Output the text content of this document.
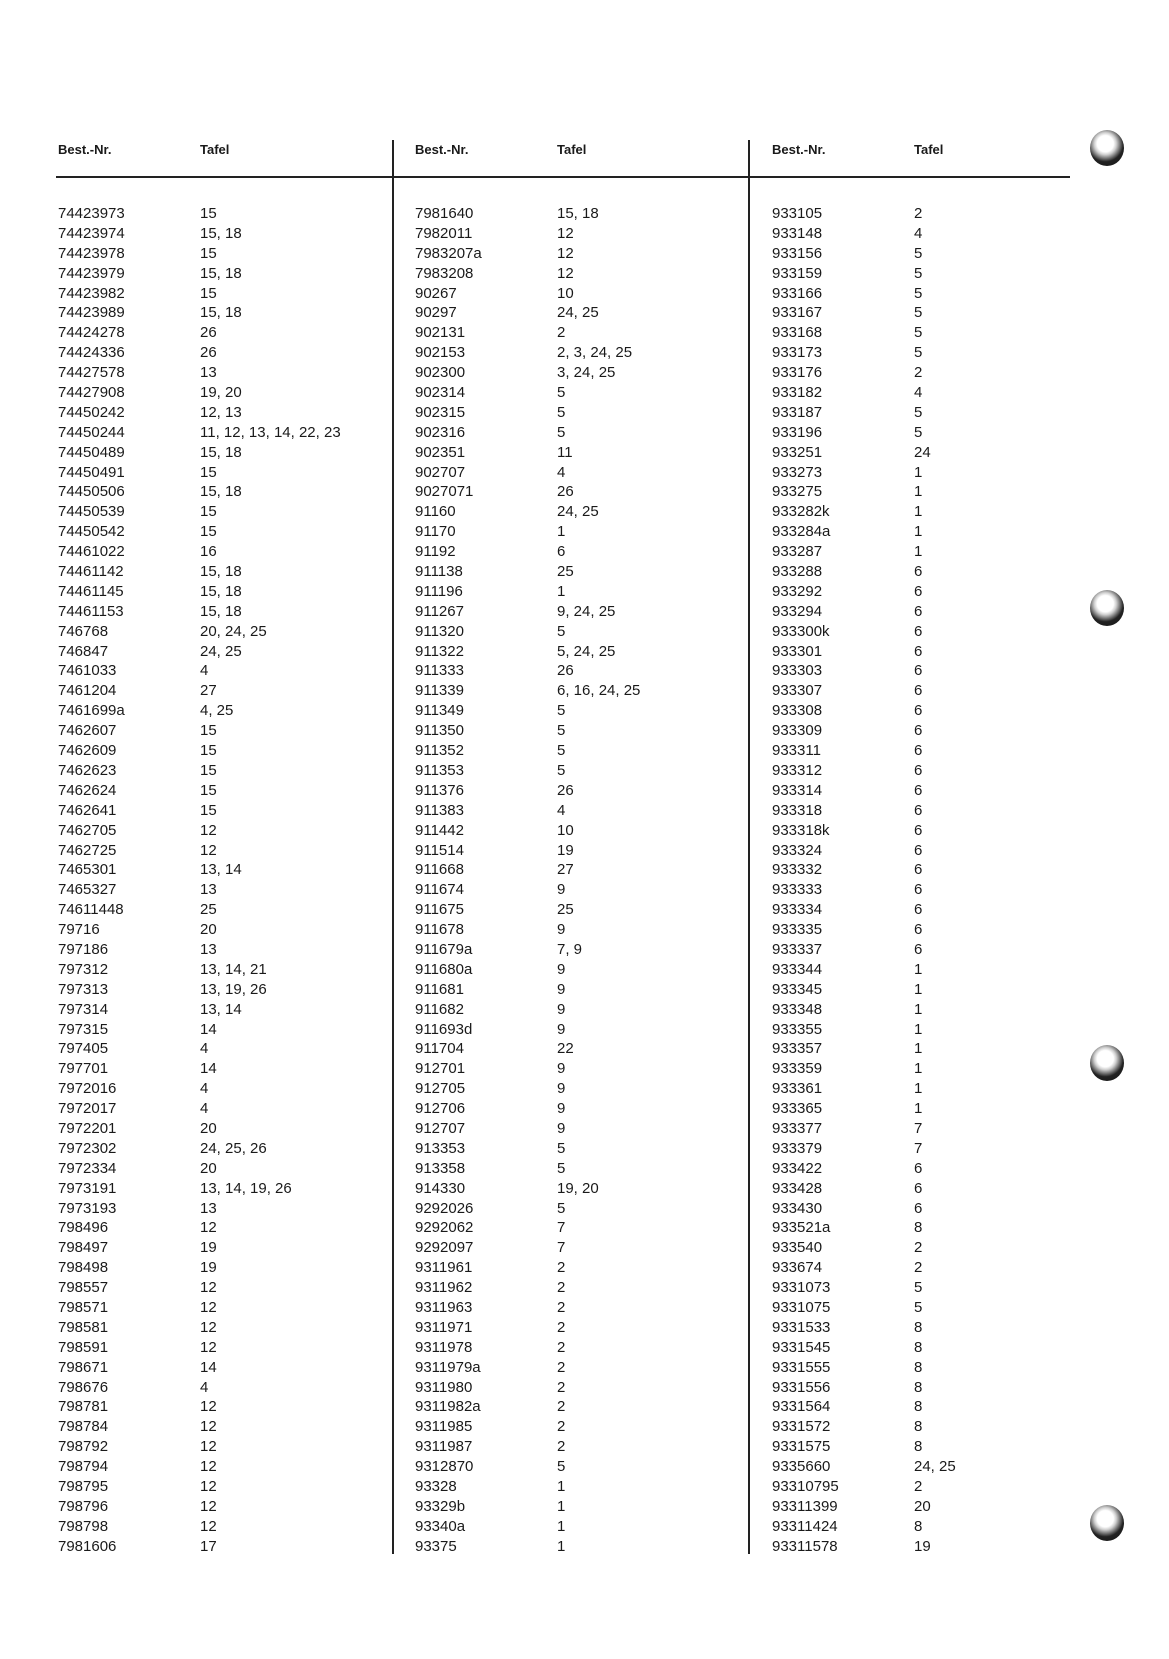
Best.-Nr.	Tafel
74423973	15
74423974	15, 18
74423978	15
74423979	15, 18
74423982	15
74423989	15, 18
74424278	26
74424336	26
74427578	13
74427908	19, 20
74450242	12, 13
74450244	11, 12, 13, 14, 22, 23
74450489	15, 18
74450491	15
74450506	15, 18
74450539	15
74450542	15
74461022	16
74461142	15, 18
74461145	15, 18
74461153	15, 18
746768	20, 24, 25
746847	24, 25
7461033	4
7461204	27
7461699a	4, 25
7462607	15
7462609	15
7462623	15
7462624	15
7462641	15
7462705	12
7462725	12
7465301	13, 14
7465327	13
74611448	25
79716	20
797186	13
797312	13, 14, 21
797313	13, 19, 26
797314	13, 14
797315	14
797405	4
797701	14
7972016	4
7972017	4
7972201	20
7972302	24, 25, 26
7972334	20
7973191	13, 14, 19, 26
7973193	13
798496	12
798497	19
798498	19
798557	12
798571	12
798581	12
798591	12
798671	14
798676	4
798781	12
798784	12
798792	12
798794	12
798795	12
798796	12
798798	12
7981606	17
Best.-Nr.	Tafel
7981640	15, 18
7982011	12
7983207a	12
7983208	12
90267	10
90297	24, 25
902131	2
902153	2, 3, 24, 25
902300	3, 24, 25
902314	5
902315	5
902316	5
902351	11
902707	4
9027071	26
91160	24, 25
91170	1
91192	6
911138	25
911196	1
911267	9, 24, 25
911320	5
911322	5, 24, 25
911333	26
911339	6, 16, 24, 25
911349	5
911350	5
911352	5
911353	5
911376	26
911383	4
911442	10
911514	19
911668	27
911674	9
911675	25
911678	9
911679a	7, 9
911680a	9
911681	9
911682	9
911693d	9
911704	22
912701	9
912705	9
912706	9
912707	9
913353	5
913358	5
914330	19, 20
9292026	5
9292062	7
9292097	7
9311961	2
9311962	2
9311963	2
9311971	2
9311978	2
9311979a	2
9311980	2
9311982a	2
9311985	2
9311987	2
9312870	5
93328	1
93329b	1
93340a	1
93375	1
Best.-Nr.	Tafel
933105	2
933148	4
933156	5
933159	5
933166	5
933167	5
933168	5
933173	5
933176	2
933182	4
933187	5
933196	5
933251	24
933273	1
933275	1
933282k	1
933284a	1
933287	1
933288	6
933292	6
933294	6
933300k	6
933301	6
933303	6
933307	6
933308	6
933309	6
933311	6
933312	6
933314	6
933318	6
933318k	6
933324	6
933332	6
933333	6
933334	6
933335	6
933337	6
933344	1
933345	1
933348	1
933355	1
933357	1
933359	1
933361	1
933365	1
933377	7
933379	7
933422	6
933428	6
933430	6
933521a	8
933540	2
933674	2
9331073	5
9331075	5
9331533	8
9331545	8
9331555	8
9331556	8
9331564	8
9331572	8
9331575	8
9335660	24, 25
93310795	2
93311399	20
93311424	8
93311578	19
